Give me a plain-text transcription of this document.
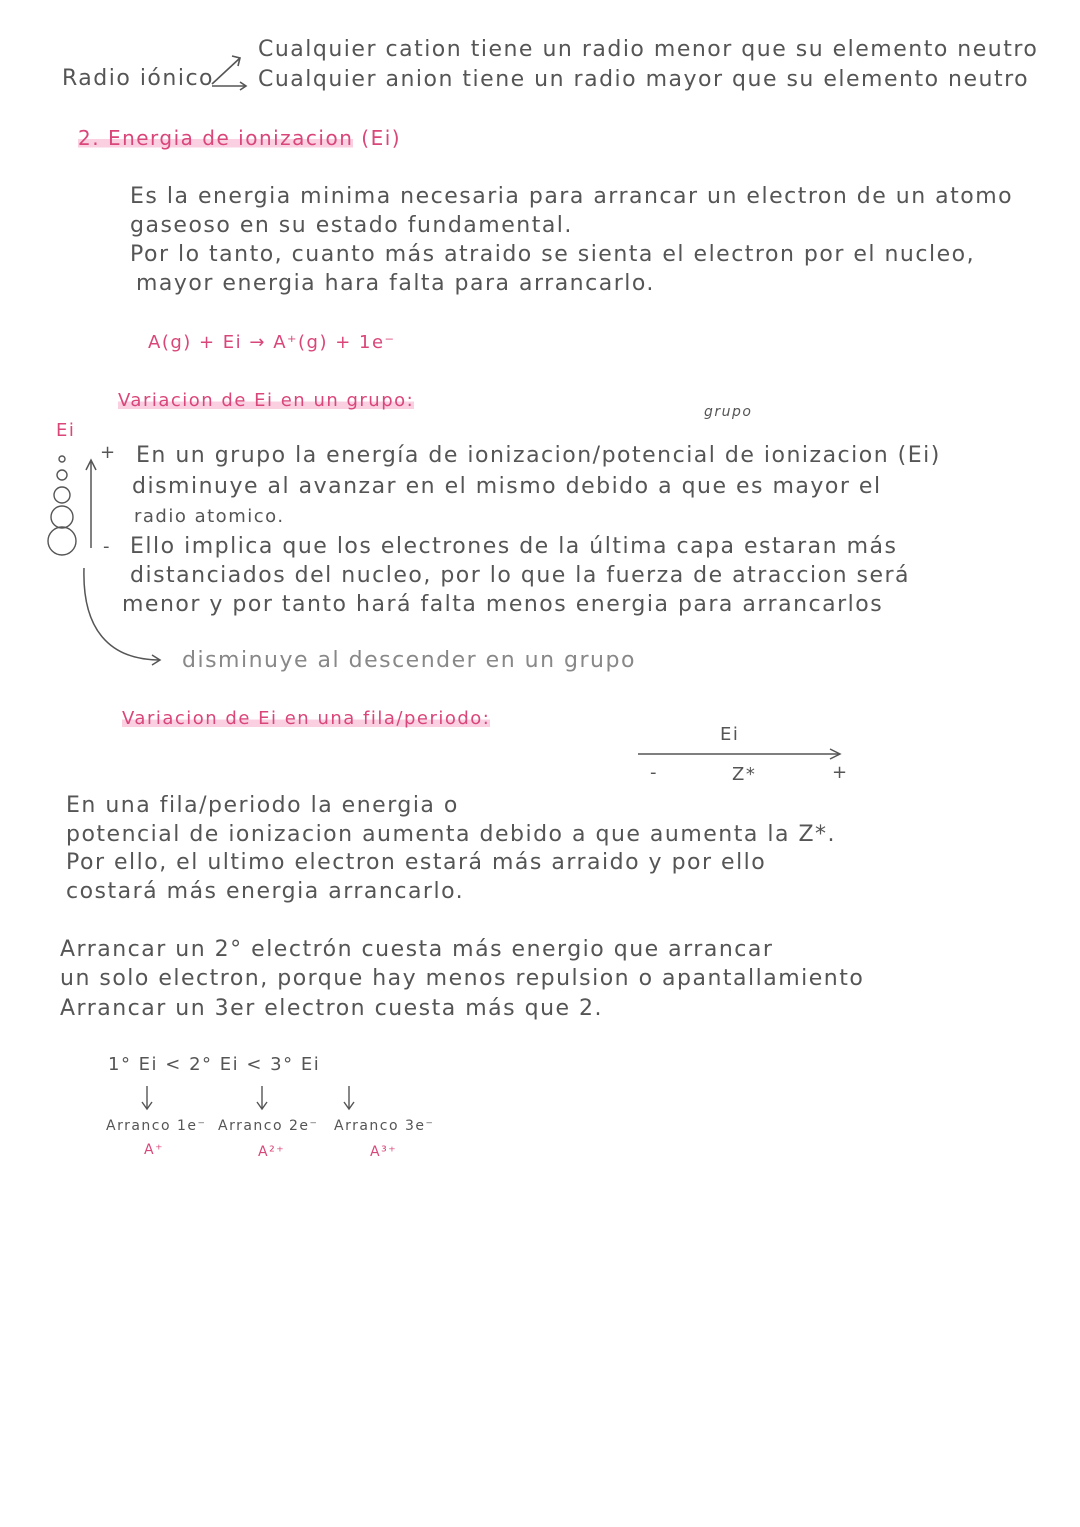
Radio iónico
Cualquier cation tiene un radio menor que su elemento neutro
Cualquier anion tiene un radio mayor que su elemento neutro
2. Energia de ionizacion (Ei)
Es la energia minima necesaria para arrancar un electron de un atomo
gaseoso en su estado fundamental.
Por lo tanto, cuanto más atraido se sienta el electron por el nucleo,
mayor energia hara falta para arrancarlo.
A(g) + Ei → A⁺(g) + 1e⁻
Variacion de Ei en un grupo:
grupo
Ei
+
-
En un grupo la energía de ionizacion/potencial de ionizacion (Ei)
disminuye al avanzar en el mismo debido a que es mayor el
radio atomico.
Ello implica que los electrones de la última capa estaran más
distanciados del nucleo, por lo que la fuerza de atraccion será
menor y por tanto hará falta menos energia para arrancarlos
disminuye al descender en un grupo
Variacion de Ei en una fila/periodo:
Ei
-	Z*	+
En una fila/periodo la energia o
potencial de ionizacion aumenta debido a que aumenta la Z*.
Por ello, el ultimo electron estará más arraido y por ello
costará más energia arrancarlo.
Arrancar un 2° electrón cuesta más energio que arrancar
un solo electron, porque hay menos repulsion o apantallamiento
Arrancar un 3er electron cuesta más que 2.
1° Ei < 2° Ei < 3° Ei
Arranco 1e⁻ Arranco 2e⁻ Arranco 3e⁻
A⁺	A²⁺	A³⁺
